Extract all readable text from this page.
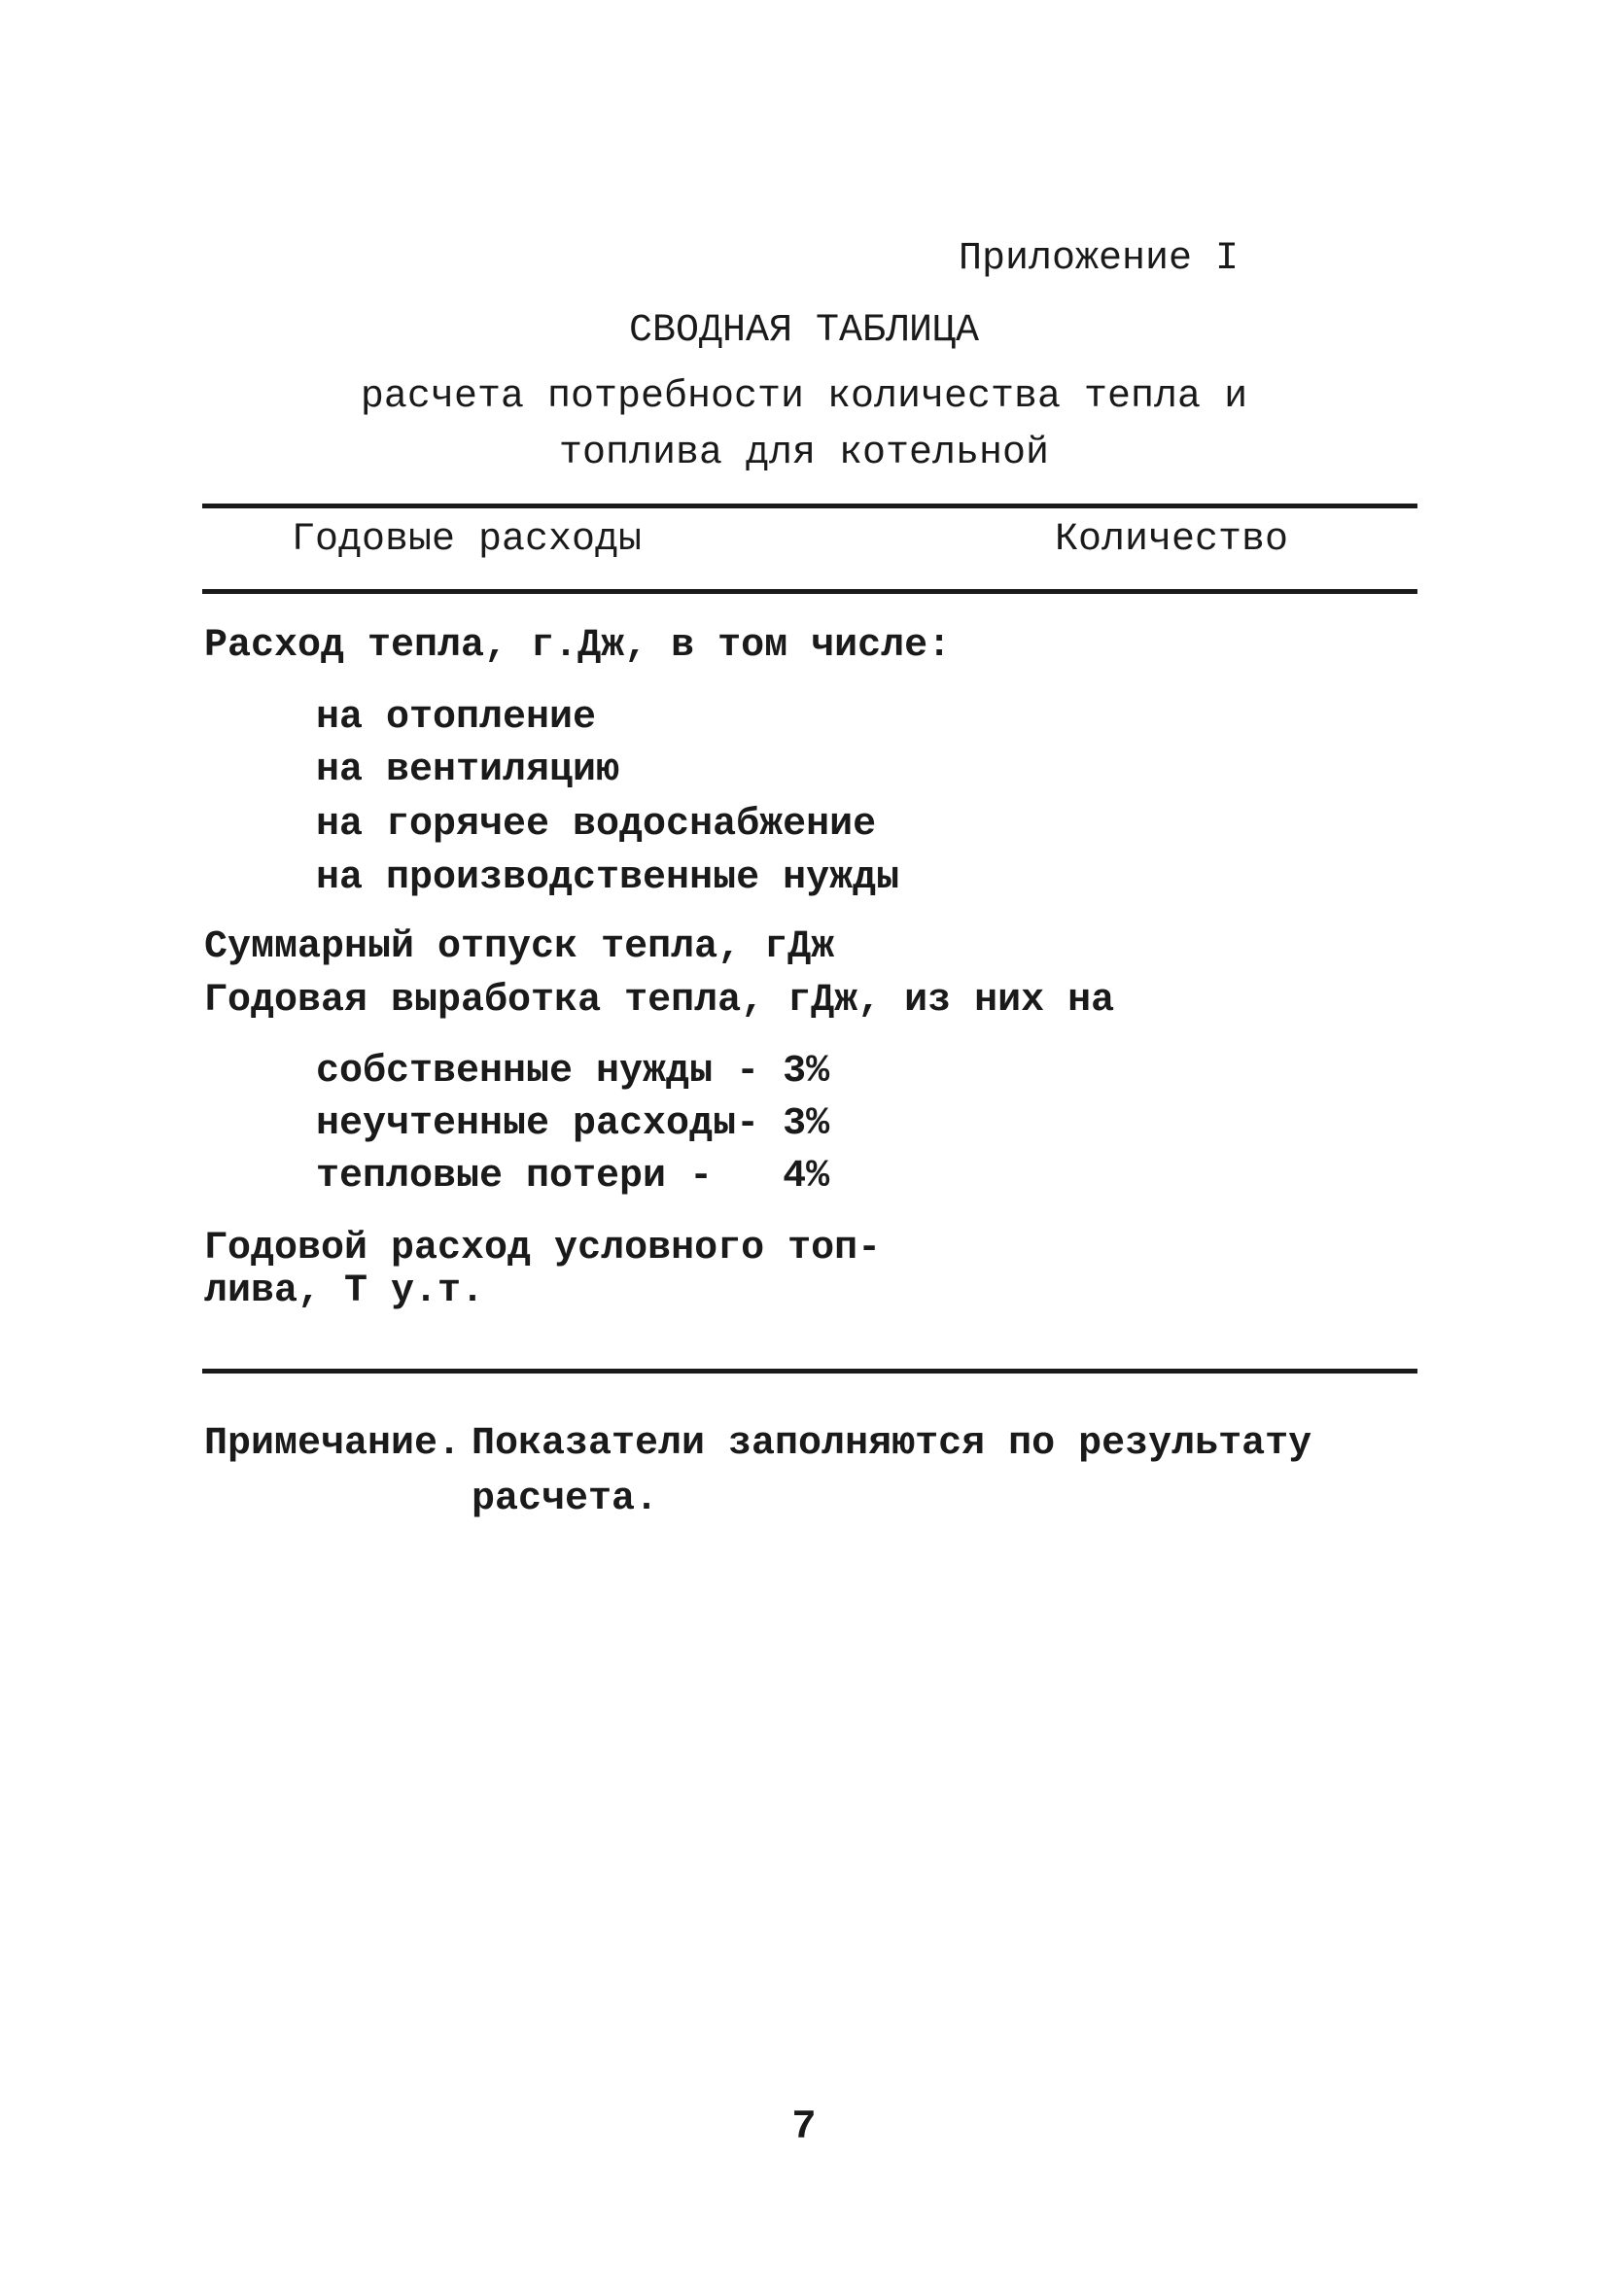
Приложение I
СВОДНАЯ ТАБЛИЦА
расчета потребности количества тепла и
топлива для котельной
Годовые расходы	Количество
Расход тепла, г.Дж, в том числе:
на отопление
на вентиляцию
на горячее водоснабжение
на производственные нужды
Суммарный отпуск тепла, гДж
Годовая выработка тепла, гДж, из них на
собственные нужды - 3%
неучтенные расходы- 3%
тепловые потери -   4%
Годовой расход условного топ-
лива, Т у.т.
Примечание. Показатели заполняются по результату
расчета.
7
